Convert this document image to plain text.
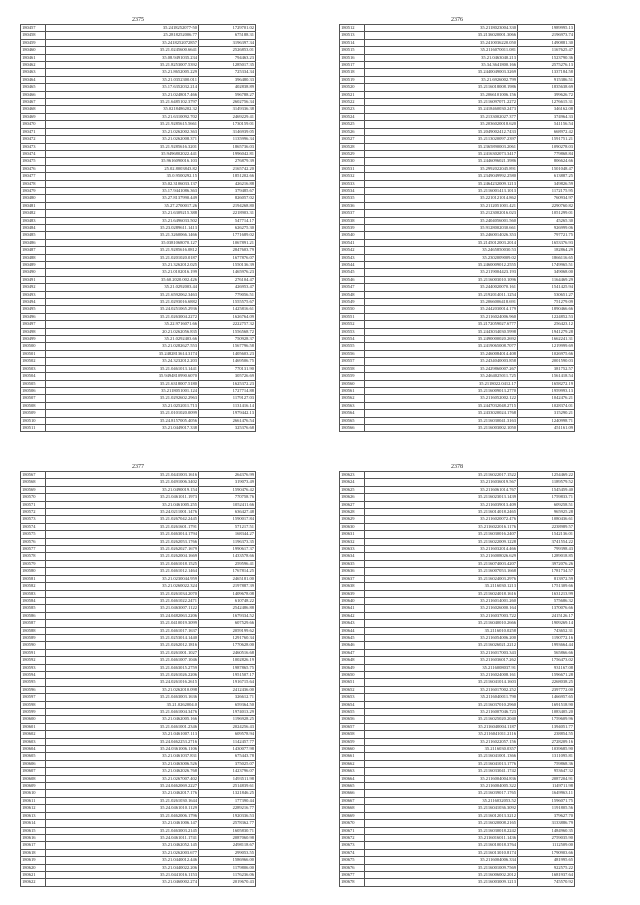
2375
180457	35.2418252077-50	1729701.02
180458	25.2818252006.77	675188.31
180459	35.2418252072857	3196397.34
180460	35.21.0245600.6641	2526853.01
180461	35.08.9491035.234	794463.23
180462	35.21.8253007.5392	1285017.35
180463	35.21.8652005.229	725334.34
180464	35.21.0352300.011	396480.33
180465	35.17.6352032.214	402838.89
180466	35.21.0248017.466	596788.27
180467	35.21.6485102.3797	2602756.34
180468	35.0218486202.32	3149336.38
180469	35.21.6310092.702	2469229.41
180470	35.21.9285615.5661	1730159.01
180471	35.21.0262002.363	3146939.05
180472	35.21.0262008.371	1135996.34
180473	35.21.9285616.3201	1865736.03
180474	35.9496802022.441	1996042.81
180475	35.9616090016.103	276879.39
180476	25.02.8003843.82	2165742.20
180477	35.0.9500292.15	1851202.66
180478	35.02.3106033.137	426216.88
180479	35.17.9441086.363	379485.67
180480	35.27.8137990.449	826057.02
180481	35.27.2700017.26	2194268.80
180482	35.21.6309215.388	2218903.31
180483	35.21.6496033.502	547714.17
180484	35.23.0289611.1413	626275.30
180485	35.21.3260066.1466	1771689.02
180486	35.0381068070.127	1067891.21
180487	35.21.9285616.0812	2847603.79
180488	35.21.0201020.0187	1677876.07
180489	35.21.3262012.025	1550136.39
180490	35.21.0102016.199	1465976.23
180491	35.60.2020.002.426	276104.47
180492	35.21.0292003.44	426953.47
180493	35.21.6592062.3463	779056.51
180494	35.21.0293016.6882	1555575.67
180495	35.24.0251065.2936	1425816.61
180496	35.21.0263004.2272	1626764.09
180497	35.22.9716071.66	2222757.32
180498	20.21.0262056.835	1556568.72
180499	35.21.0292403.66	750928.37
180500	35.21.0282627.553	1567796.58
180501	35.2482813614.3174	1405603.23
180502	35.24.3232012.203	1469506.75
180503	35.21.0461013.1441	770131.90
180504	35.9494810990.6070	305726.69
180505	35.21.6318007.5180	1625372.23
180506	35.2118051001.124	1727714.88
180507	35.21.0292602.2963	1179127.03
180508	35.21.0252011.713	1131416.14
180509	35.21.0101020.0099	1979442.13
180510	35.24.8157005.4056	2661476.54
180511	35.21.0449017.338	325376.68
2376
180512	35.2118023004.330	1989995.13
180513	35.2136020001.3066	2196973.74
180514	35.2410036220.050	1490881.30
180515	35.2116070011.081	1167625.47
180516	35.21.0463040.213	1523790.36
180517	35.34.3641800.166	2575276.13
180518	35.2440049003.3269	1337184.58
180519	35.21.6926002.799	915386.51
180520	35.2116018008.1986	1835638.69
180521	35.2066101006.156	399626.72
180522	35.2116097071.2272	1276615.31
180523	35.2418460030.2473	346162.08
180524	35.2133002027.377	374964.33
180525	35.2036020018.620	541156.54
180526	35.2049002412.7433	668972.42
180527	35.2113020097.2397	1591751.21
180528	35.2365890003.2061	1090278.03
180529	35.2416302073.3417	779868.84
180530	35.2446096021.3986	806624.66
180531	35.2992022045.891	1501048.47
180532	35.2349049992.2580	613887.25
180533	35.2464232009.1213	349826.59
180534	35.2116001413.1013	1172175.95
180535	35.2210121014.862	760934.97
180536	35.2112051001.421	2290760.82
180537	35.2123002016.023	1051299.01
180538	35.2404056001.560	45265.30
180539	35.9128002030.661	926999.06
180540	35.2460014026.353	797721.75
180541	35.2145012003.2014	1653376.93
180542	35.2465850030.53	182864.29
180543	35.2302009009.02	1866116.65
180544	35.2460009012.2555	1749965.51
180545	35.2119004423.193	349068.00
180546	35.2116003010.1096	1164469.29
180547	35.2440020070.161	1541425.94
180548	35.2192014011.1254	530651.27
180549	35.2066006418.691	751279.09
180550	35.2442030014.179	1890466.66
180551	35.2116024006.960	1224852.53
180552	35.2172059027.6777	256423.12
180553	35.2443034030.5998	1941279.28
180554	35.2490000020.2692	1662241.31
180555	35.2419065008.7077	1219999.69
180556	35.2460084014.408	1026975.66
180557	35.2434040003.858	2001590.03
180558	35.2429860007.267	381752.57
180559	35.2464025011.725	1561418.54
180560	35.2118022.0412.17	1658272.19
180561	35.2116009013.2770	1959993.13
180562	35.2116052002.122	1042476.21
180563	35.2447032048.2715	1028374.01
180564	35.2433020024.1768	315290.21
180565	35.2116030041.3163	1240998.71
180566	35.2116003002.1050	451161.09
2377
180567	35.21.0441003.1616	264376.99
180568	35.21.0491006.3402	319073.49
180569	35.21.0490019.154	1590476.42
180570	35.21.0461011.1973	770758.76
180571	35.21.0461005.255	1052411.66
180572	35.24.0211001.1476	636427.48
180573	35.21.0267042.2445	1590017.84
180574	35.21.0261601.1791	571217.51
180575	35.21.0463014.1794	168344.27
180576	35.21.0262053.1766	1196373.35
180577	35.21.0262027.1679	1990617.37
180578	35.21.0262004.1669	1433578.66
180579	35.21.0461018.1525	259596.41
180580	35.21.0461012.1464	1767814.25
180581	35.21.0230044.959	2465181.00
180582	35.21.0260022.324	2197887.39
180583	35.21.0261034.2070	1409678.08
180584	35.21.0461022.2471	610748.22
180585	35.21.0463007.1122	2542486.88
180586	35.24.0482063.2206	1679334.52
180587	35.21.0410019.3099	607529.66
180588	35.21.0461017.1637	2059199.62
180589	35.21.0253014.1440	1291760.34
180590	35.21.0262012.1816	1770628.00
180591	35.21.0261001.1027	2460516.68
180592	35.21.0461007.1046	1002826.19
180593	35.21.0463015.2759	1987865.75
180594	35.21.0261026.2206	1951507.17
180595	35.24.0261016.2615	1916715.64
180596	35.21.0262010.098	2412436.00
180597	35.21.0463003.1636	326612.71
180598	35.21.0262004.0	659364.50
180599	35.21.0461004.3476	1974013.29
180600	35.21.0462005.166	1196928.25
180601	35.21.0461001.2346	2024256.43
180602	35.21.0461007.113	609578.94
180603	35.24.0462253.2716	1142457.77
180604	35.24.0361006.1106	1430077.98
180605	35.21.0461037.831	675443.78
180606	35.21.0463006.526	375025.07
180607	35.21.0462026.768	1423796.07
180608	35.21.0267007.402	1493511.98
180609	35.24.0462069.2227	2514839.61
180610	35.21.0462017.176	1321846.25
180611	35.21.0261030.1644	177390.44
180612	35.24.0461010.1129	2289216.77
180613	35.21.0462006.1796	1920336.53
180614	35.21.0461006.147	2578362.77
180615	35.21.0463003.2145	1605830.71
180616	35.24.0461011.1741	2087060.98
180617	35.21.0462052.145	2498118.67
180618	35.21.0262003.677	299053.55
180619	35.21.0440012.446	1586966.00
180620	35.21.0440022.206	1179806.00
180621	35.21.0441016.1153	1176236.06
180622	35.21.0460002.274	2019670.43
2378
180623	35.2116022017.1522	1254469.22
180624	35.2116036019.567	1189579.52
180625	35.2116061014.767	1545459.40
180626	35.2116023013.1439	1759833.71
180627	35.2116039013.409	609258.51
180628	35.2116014018.2465	965925.28
180629	35.2116020072.476	1080436.61
180630	35.2116022016.1176	2238989.57
180631	35.2116030016.2407	1542136.01
180632	35.2116022009.1228	3741554.22
180633	35.2116032014.466	799398.43
180634	35.2116008026.629	1289018.85
180635	35.2116074003.4207	3972076.26
180636	35.2116007053.1668	1781734.57
180637	35.2116024003.2976	813972.59
180638	35.2116030.1213	1751309.66
180639	35.2116024018.1616	1631213.99
180640	35.2116014001.260	575686.32
180641	35.2116026000.164	1370076.66
180642	35.2116037003.722	2415126.17
180643	35.2116040010.2666	1909269.14
180644	35.2116010.0258	743652.31
180645	35.2116054006.200	1190772.16
180646	35.2116026021.2212	1993664.44
180647	35.2116017003.343	565866.66
180648	35.2116036017.262	1756473.02
180649	35.2116008037.91	931167.08
180650	35.2116024008.161	1596671.28
180651	35.2116041014.1603	2268038.25
180652	35.2116017002.252	2397772.00
180653	35.2116040011.790	1466957.65
180654	35.2116037010.2960	1691518.90
180655	35.2116007046.723	1083405.20
180656	35.2116025020.2040	1759609.96
180657	35.2116040004.1187	1394051.77
180658	35.2116041011.2116	238854.55
180659	35.2116022057.156	2728209.16
180660	35.2116030.0357	1039685.90
180661	35.2116041001.1366	1311095.81
180662	35.2116041013.1776	759868.36
180663	35.2116033041.1742	953647.32
180664	35.2116004004.836	2087204.91
180665	35.2116004005.322	1149711.98
180666	35.2116039017.1765	1649963.11
180667	35.2116032053.52	1596071.75
180668	35.2116041036.3092	1191805.56
180669	35.2116012013.3212	379627.70
180670	35.2116020008.2165	3133886.79
180671	35.2116030018.2242	1484960.35
180672	35.2116016011.1436	2759035.90
180673	35.2116010018.3764	1112509.00
180674	35.2116013010.8174	1790903.66
180675	35.2116004006.334	481995.65
180676	35.2116001009.7569	922575.22
180677	35.2116006002.2012	1681937.64
180678	35.2116003009.1213	745570.92
